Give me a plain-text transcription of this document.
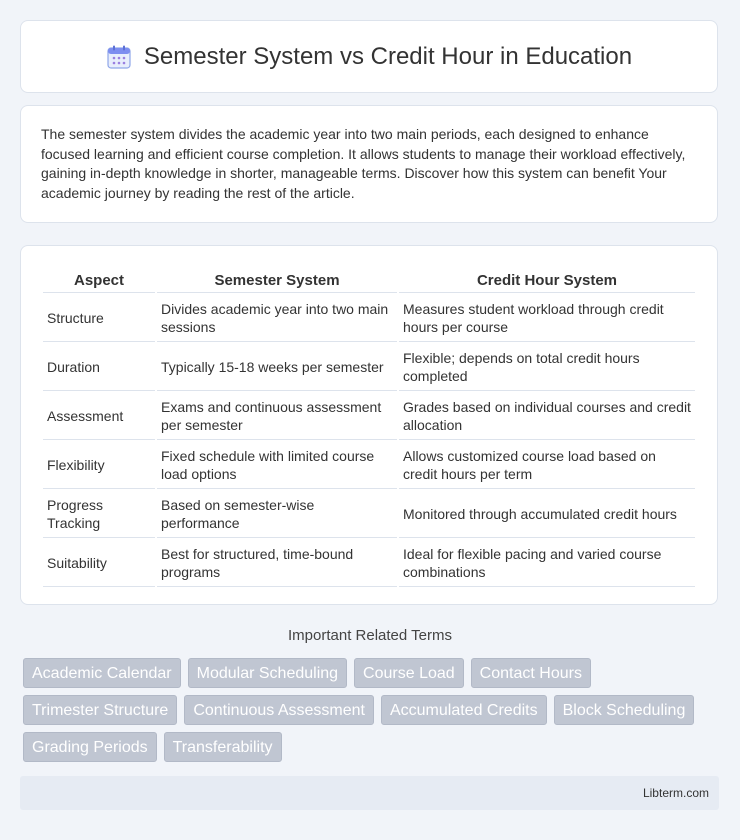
Semester System vs Credit Hour in Education

The semester system divides the academic year into two main periods, each designed to enhance focused learning and efficient course completion. It allows students to manage their workload effectively, gaining in-depth knowledge in shorter, manageable terms. Discover how this system can benefit Your academic journey by reading the rest of the article.

Aspect	Semester System	Credit Hour System
Structure	Divides academic year into two main sessions	Measures student workload through credit hours per course
Duration	Typically 15-18 weeks per semester	Flexible; depends on total credit hours completed
Assessment	Exams and continuous assessment per semester	Grades based on individual courses and credit allocation
Flexibility	Fixed schedule with limited course load options	Allows customized course load based on credit hours per term
Progress Tracking	Based on semester-wise performance	Monitored through accumulated credit hours
Suitability	Best for structured, time-bound programs	Ideal for flexible pacing and varied course combinations
Important Related Terms
Academic Calendar	Modular Scheduling	Course Load	Contact Hours
Trimester Structure	Continuous Assessment	Accumulated Credits	Block Scheduling
Grading Periods	Transferability
Libterm.com
